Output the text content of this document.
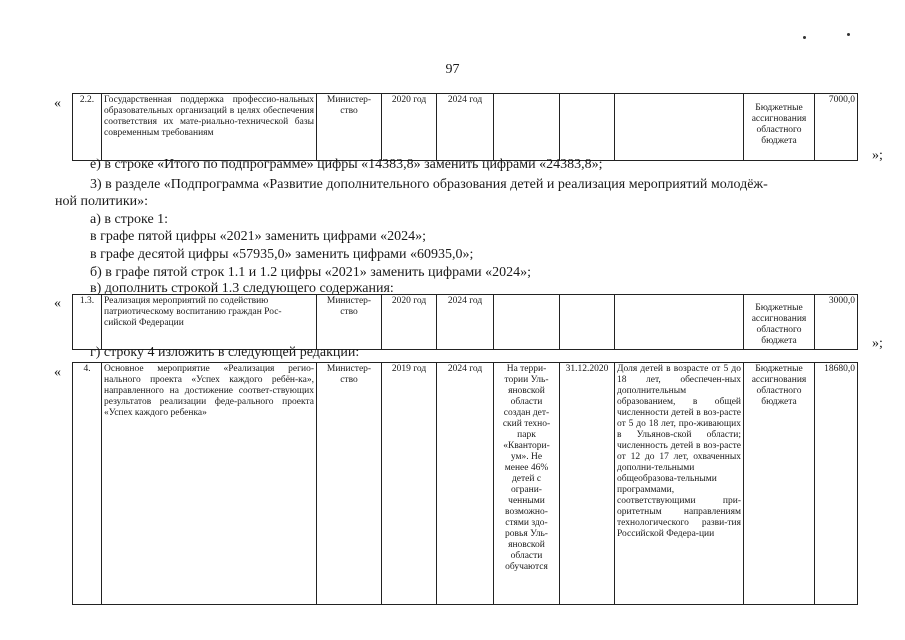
97
« 2.2.	Государственная поддержка профессио-нальных образовательных организаций в целях обеспечения соответствия их мате-риально-технической базы современным требованиям	Министер-ство	2020 год	2024 год				Бюджетные ассигнования областного бюджета	7000,0
»;
е) в строке «Итого по подпрограмме» цифры «14383,8» заменить цифрами «24383,8»;
3) в разделе «Подпрограмма «Развитие дополнительного образования детей и реализация мероприятий молодёж-
ной политики»:
а) в строке 1:
в графе пятой цифры «2021» заменить цифрами «2024»;
в графе десятой цифры «57935,0» заменить цифрами «60935,0»;
б) в графе пятой строк 1.1 и 1.2 цифры «2021» заменить цифрами «2024»;
в) дополнить строкой 1.3 следующего содержания:
« 1.3.	Реализация мероприятий по содействию патриотическому воспитанию граждан Рос-сийской Федерации	Министер-ство	2020 год	2024 год				Бюджетные ассигнования областного бюджета	3000,0
»;
г) строку 4 изложить в следующей редакции:
« 4.	Основное мероприятие «Реализация регио-нального проекта «Успех каждого ребён-ка», направленного на достижение соответ-ствующих результатов реализации феде-рального проекта «Успех каждого ребенка»	Министер-ство	2019 год	2024 год	На терри-тории Уль-яновской области создан дет-ский техно-парк «Квантори-ум». Не менее 46% детей с ограни-ченными возможно-стями здо-ровья Уль-яновской области обучаются	31.12.2020	Доля детей в возрасте от 5 до 18 лет, обеспечен-ных дополнительным образованием, в общей численности детей в воз-расте от 5 до 18 лет, про-живающих в Ульянов-ской области; численность детей в воз-расте от 12 до 17 лет, охваченных дополни-тельными общеобразова-тельными программами, соответствующими при-оритетным направлениям технологического разви-тия Российской Федера-ции	Бюджетные ассигнования областного бюджета	18680,0
